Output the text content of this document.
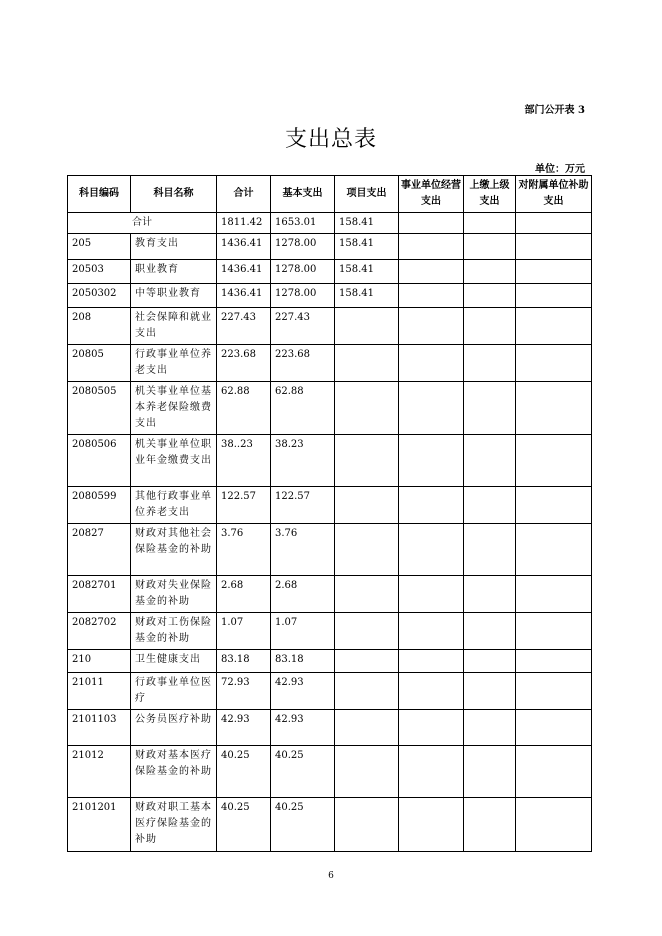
部门公开表 3
支出总表
单位：万元
科目编码	科目名称	合计	基本支出	项目支出	事业单位经营支出	上缴上级支出	对附属单位补助支出
合计		1811.42	1653.01	158.41			
205	教育支出	1436.41	1278.00	158.41			
20503	职业教育	1436.41	1278.00	158.41			
2050302	中等职业教育	1436.41	1278.00	158.41			
208	社会保障和就业支出	227.43	227.43				
20805	行政事业单位养老支出	223.68	223.68				
2080505	机关事业单位基本养老保险缴费支出	62.88	62.88				
2080506	机关事业单位职业年金缴费支出	38..23	38.23				
2080599	其他行政事业单位养老支出	122.57	122.57				
20827	财政对其他社会保险基金的补助	3.76	3.76				
2082701	财政对失业保险基金的补助	2.68	2.68				
2082702	财政对工伤保险基金的补助	1.07	1.07				
210	卫生健康支出	83.18	83.18				
21011	行政事业单位医疗	72.93	42.93				
2101103	公务员医疗补助	42.93	42.93				
21012	财政对基本医疗保险基金的补助	40.25	40.25				
2101201	财政对职工基本医疗保险基金的补助	40.25	40.25				
6
